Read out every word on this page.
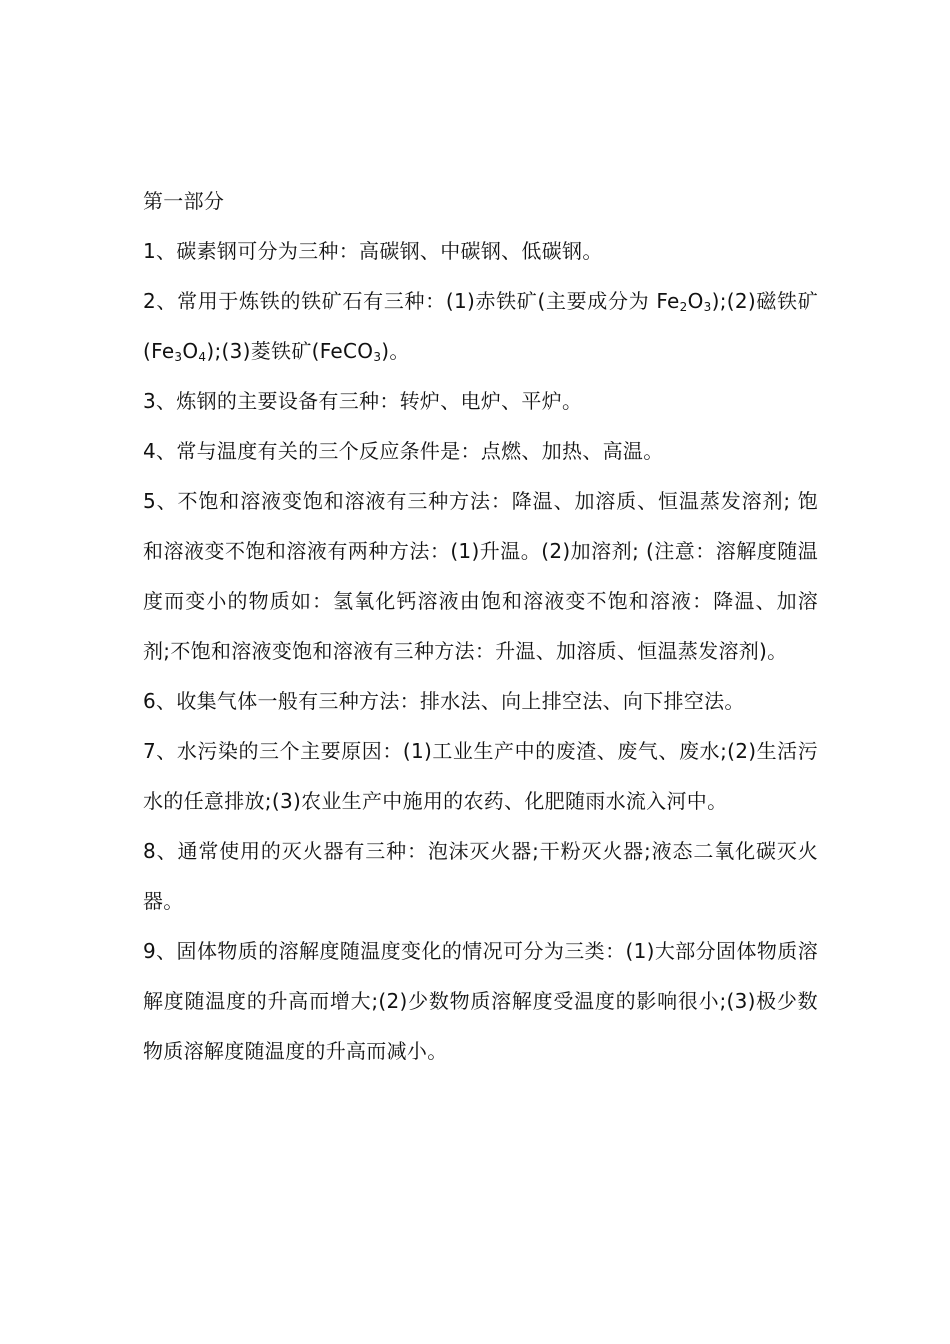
第一部分

1、碳素钢可分为三种：高碳钢、中碳钢、低碳钢。

2、常用于炼铁的铁矿石有三种：(1)赤铁矿(主要成分为 $Fe_2O_3);(2)$磁铁矿$(Fe_3O_4);(3)$菱铁矿(FeCO$_3$)。

3、炼钢的主要设备有三种：转炉、电炉、平炉。

4、常与温度有关的三个反应条件是：点燃、加热、高温。

5、不饱和溶液变饱和溶液有三种方法：降温、加溶质、恒温蒸发溶剂; 饱和溶液变不饱和溶液有两种方法：(1)升温。(2)加溶剂; (注意：溶解度随温度而变小的物质如：氢氧化钙溶液由饱和溶液变不饱和溶液：降温、加溶剂;不饱和溶液变饱和溶液有三种方法：升温、加溶质、恒温蒸发溶剂)。

6、收集气体一般有三种方法：排水法、向上排空法、向下排空法。

7、水污染的三个主要原因：(1)工业生产中的废渣、废气、废水;(2)生活污水的任意排放;(3)农业生产中施用的农药、化肥随雨水流入河中。

8、通常使用的灭火器有三种：泡沫灭火器;干粉灭火器;液态二氧化碳灭火器。

9、固体物质的溶解度随温度变化的情况可分为三类：(1)大部分固体物质溶解度随温度的升高而增大;(2)少数物质溶解度受温度的影响很小;(3)极少数物质溶解度随温度的升高而减小。
